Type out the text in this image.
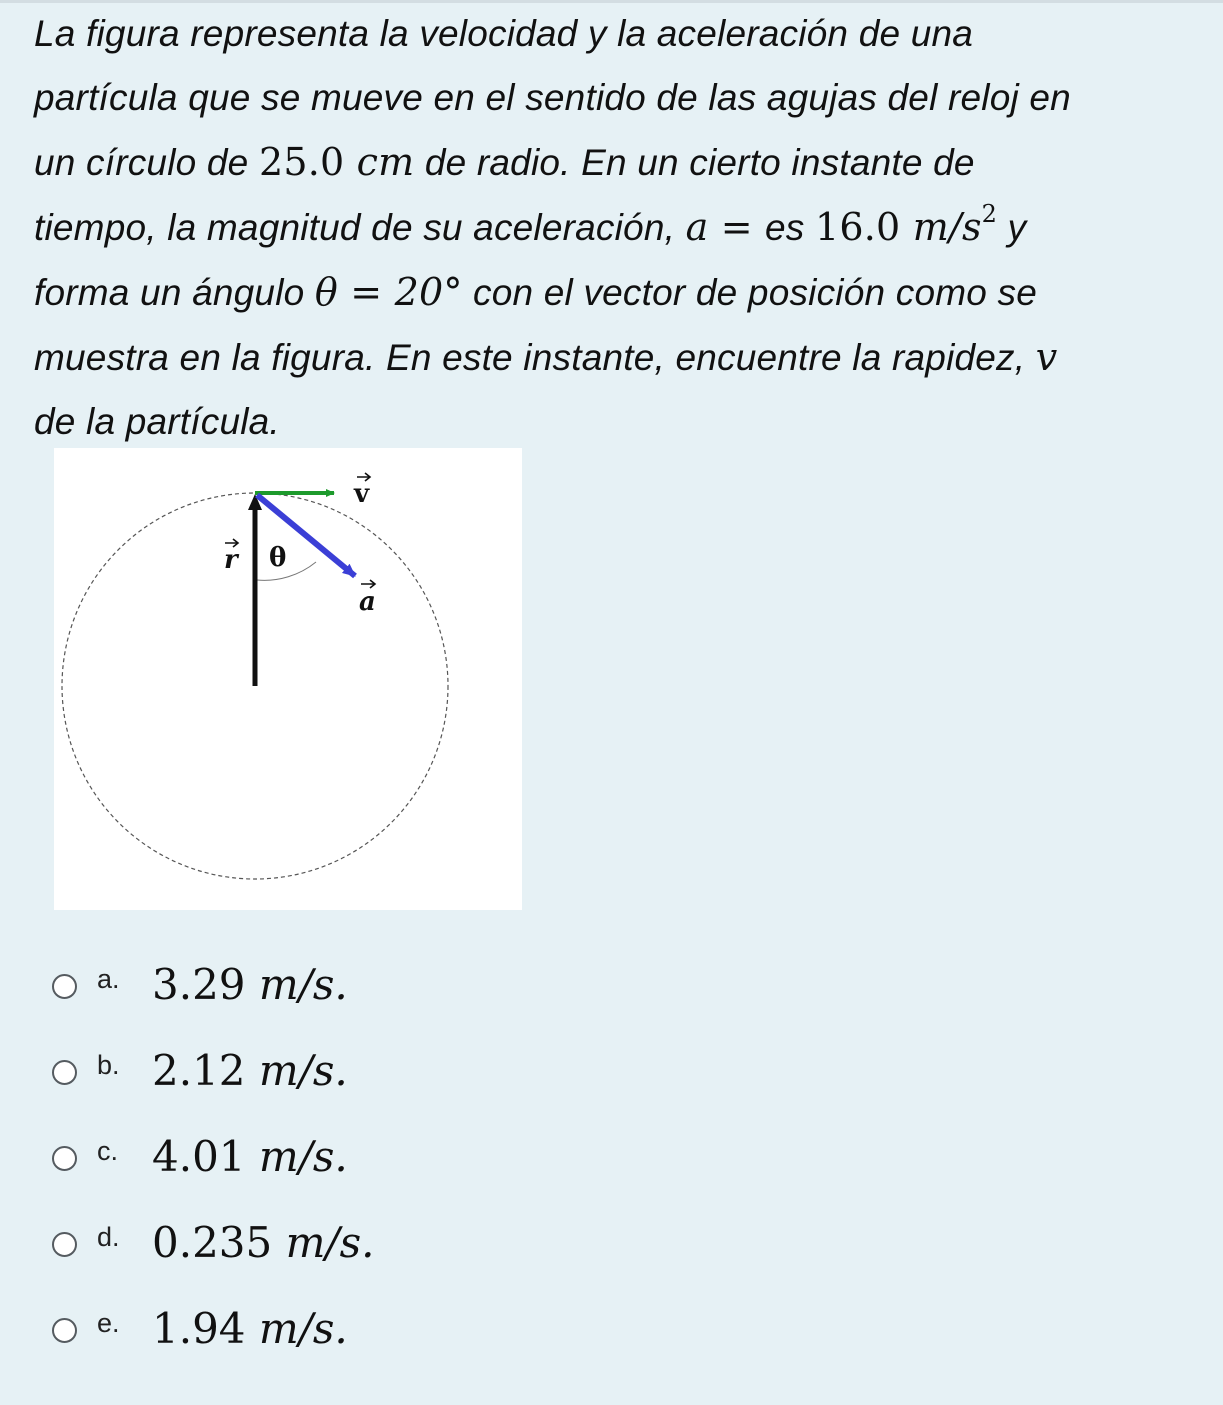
La figura representa la velocidad y la aceleración de una
partícula que se mueve en el sentido de las agujas del reloj en
un círculo de 25.0 cm de radio. En un cierto instante de
tiempo, la magnitud de su aceleración, a = es 16.0 $m/s^2$ y
forma un ángulo θ = 20° con el vector de posición como se
muestra en la figura. En este instante, encuentre la rapidez, v
de la partícula.
v
r θ
a
a. 3.29 m/s.
b. 2.12 m/s.
c. 4.01 m/s.
d. 0.235 m/s.
e. 1.94 m/s.
